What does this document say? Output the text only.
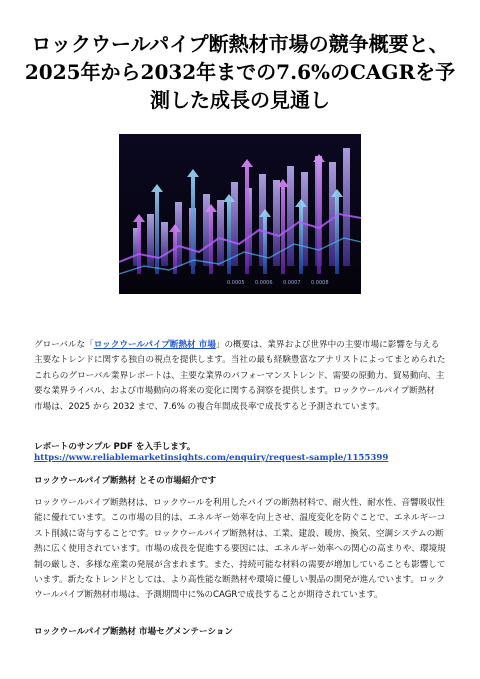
ロックウールパイプ断熱材市場の競争概要と、2025年から2032年までの7.6%のCAGRを予測した成長の見通し
0.0005 0.0006 0.0007 0.0008

グローバルな「ロックウールパイプ断熱材 市場」の概要は、業界および世界中の主要市場に影響を与える主要なトレンドに関する独自の視点を提供します。当社の最も経験豊富なアナリストによってまとめられたこれらのグローバル業界レポートは、主要な業界のパフォーマンストレンド、需要の原動力、貿易動向、主要な業界ライバル、および市場動向の将来の変化に関する洞察を提供します。ロックウールパイプ断熱材 市場は、2025 から 2032 まで、7.6% の複合年間成長率で成長すると予測されています。

レポートのサンプル PDF を入手します。

https://www.reliablemarketinsights.com/enquiry/request-sample/1155399

ロックウールパイプ断熱材 とその市場紹介です

ロックウールパイプ断熱材は、ロックウールを利用したパイプの断熱材料で、耐火性、耐水性、音響吸収性能に優れています。この市場の目的は、エネルギー効率を向上させ、温度変化を防ぐことで、エネルギーコスト削減に寄与することです。ロックウールパイプ断熱材は、工業、建設、暖房、換気、空調システムの断熱に広く使用されています。市場の成長を促進する要因には、エネルギー効率への関心の高まりや、環境規制の厳しさ、多様な産業の発展が含まれます。また、持続可能な材料の需要が増加していることも影響しています。新たなトレンドとしては、より高性能な断熱材や環境に優しい製品の開発が進んでいます。ロックウールパイプ断熱材市場は、予測期間中に%のCAGRで成長することが期待されています。

ロックウールパイプ断熱材 市場セグメンテーション
